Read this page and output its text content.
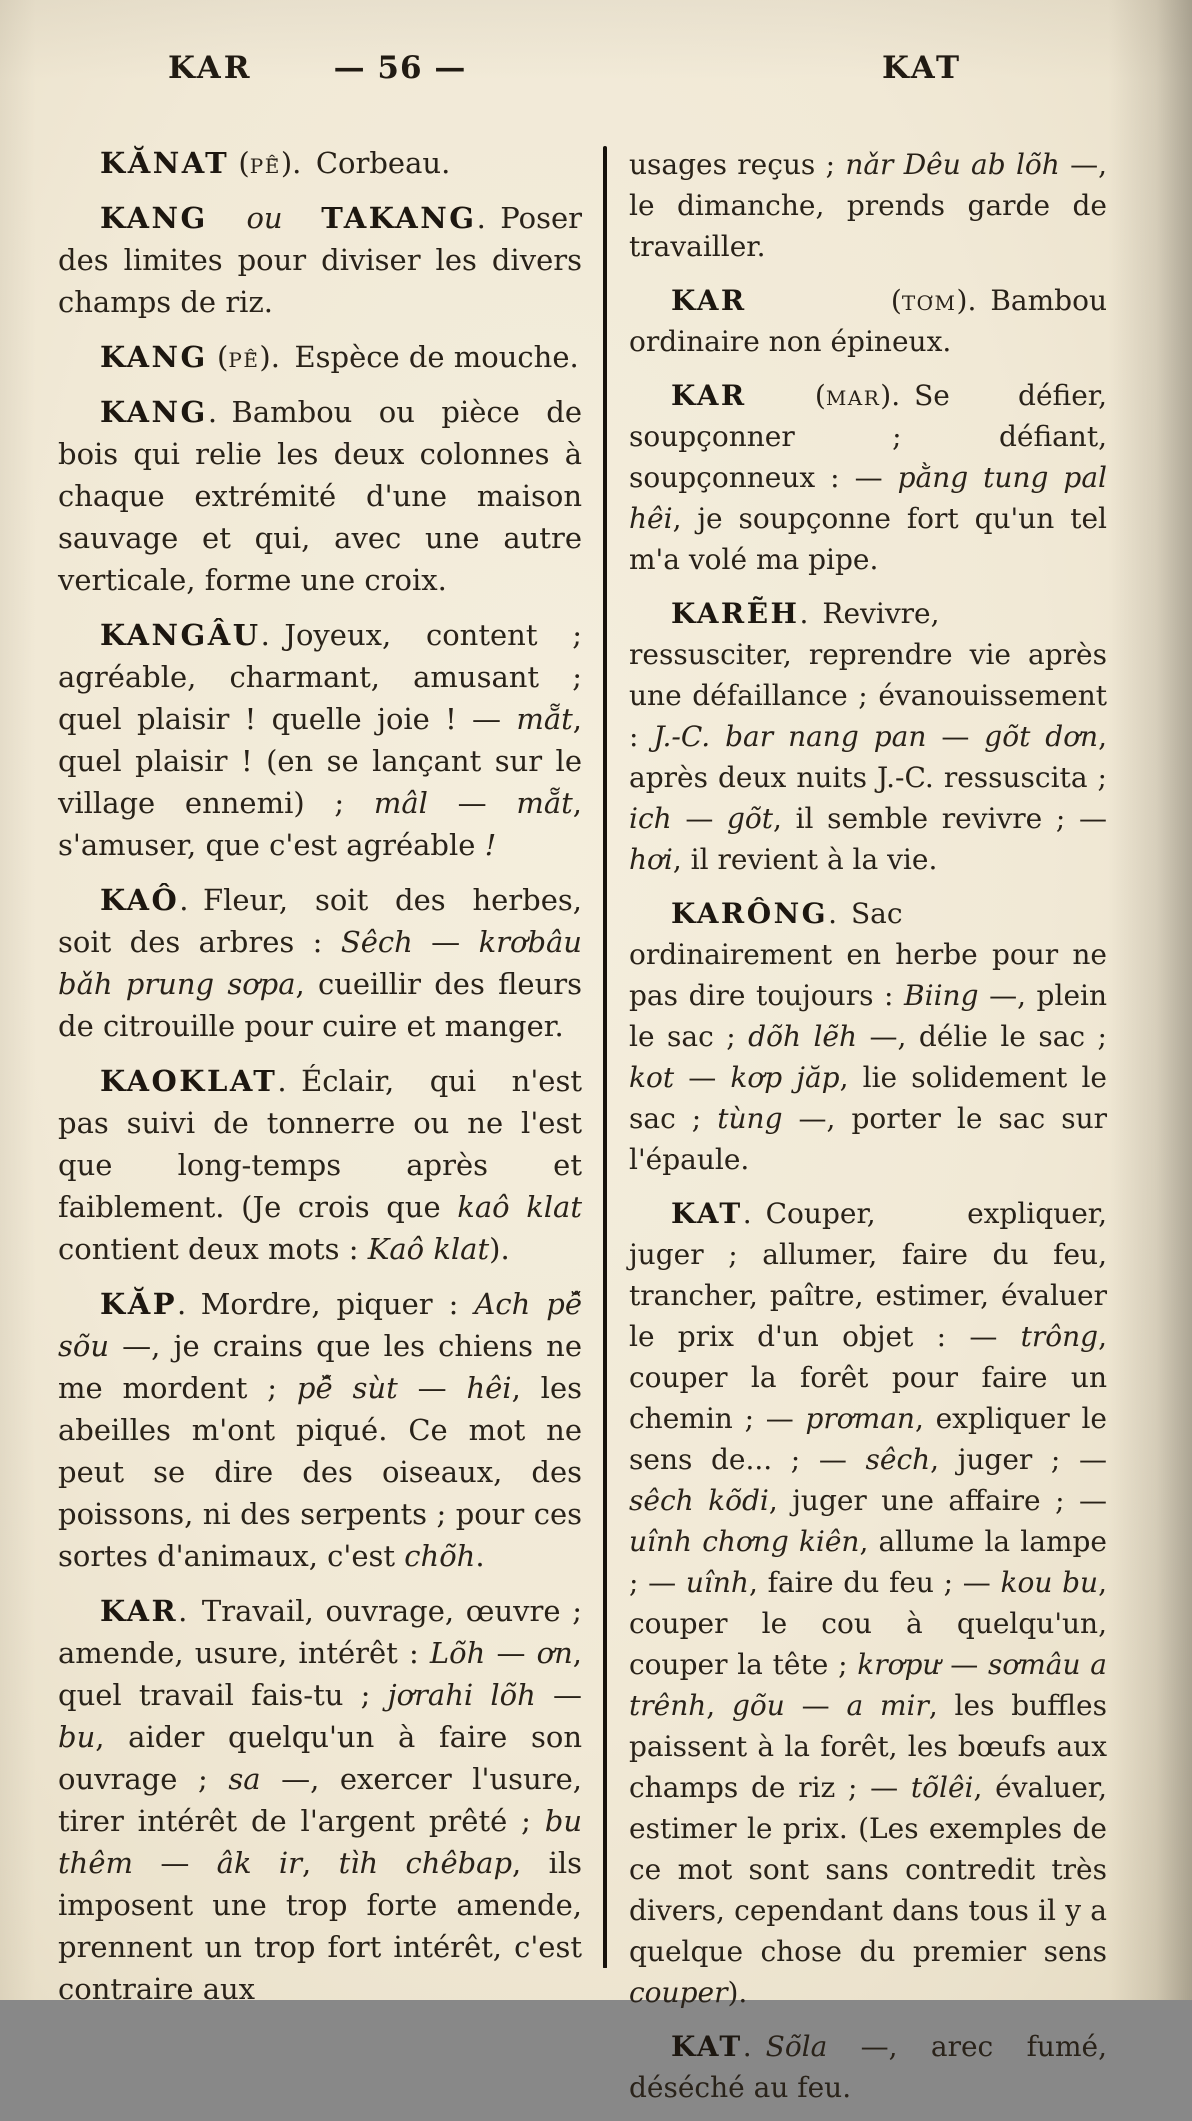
KAR	— 56 —	KAT

KĂNAT (pê̆). Corbeau.

KANG ou TAKANG. Poser des limites pour diviser les divers champs de riz.

KANG (pê̆). Espèce de mouche.

KANG. Bambou ou pièce de bois qui relie les deux colonnes à chaque extrémité d'une maison sauvage et qui, avec une autre verticale, forme une croix.

KANGÂU. Joyeux, content ; agréable, charmant, amusant ; quel plaisir ! quelle joie ! — mẵt, quel plaisir ! (en se lançant sur le village ennemi) ; mâl — mẵt, s'amuser, que c'est agréable !

KAÔ. Fleur, soit des herbes, soit des arbres : Sêch — krơbâu bǎh prung sơpa, cueillir des fleurs de citrouille pour cuire et manger.

KAOKLAT. Éclair, qui n'est pas suivi de tonnerre ou ne l'est que long-temps après et faiblement. (Je crois que kaô klat contient deux mots : Kaô klat).

KĂP. Mordre, piquer : Ach pê̆ sõu —, je crains que les chiens ne me mordent ; pê̆ sùt — hêi, les abeilles m'ont piqué. Ce mot ne peut se dire des oiseaux, des poissons, ni des serpents ; pour ces sortes d'animaux, c'est chõh.

KAR. Travail, ouvrage, œuvre ; amende, usure, intérêt : Lõh — ơn, quel travail fais-tu ; jơrahi lõh — bu, aider quelqu'un à faire son ouvrage ; sa —, exercer l'usure, tirer intérêt de l'argent prêté ; bu thêm — âk ir, tìh chêbap, ils imposent une trop forte amende, prennent un trop fort intérêt, c'est contraire aux

usages reçus ; nǎr Dêu ab lõh —, le dimanche, prends garde de travailler.

KAR (tơm). Bambou ordinaire non épineux.

KAR (mar). Se défier, soupçonner ; défiant, soupçonneux : — pằng tung pal hêi, je soupçonne fort qu'un tel m'a volé ma pipe.

KARẼH. Revivre, ressusciter, reprendre vie après une défaillance ; évanouissement : J.-C. bar nang pan — gõt dơn, après deux nuits J.-C. ressuscita ; ich — gõt, il semble revivre ; — hơi, il revient à la vie.

KARÔNG. Sac ordinairement en herbe pour ne pas dire toujours : Biing —, plein le sac ; dõh lẽh —, délie le sac ; kot — kơp jăp, lie solidement le sac ; tùng —, porter le sac sur l'épaule.

KAT. Couper, expliquer, juger ; allumer, faire du feu, trancher, paître, estimer, évaluer le prix d'un objet : — trông, couper la forêt pour faire un chemin ; — prơman, expliquer le sens de... ; — sêch, juger ; — sêch kõdi, juger une affaire ; — uînh chơng kiên, allume la lampe ; — uînh, faire du feu ; — kou bu, couper le cou à quelqu'un, couper la tête ; krơpư — sơmâu a trênh, gõu — a mir, les buffles paissent à la forêt, les bœufs aux champs de riz ; — tõlêi, évaluer, estimer le prix. (Les exemples de ce mot sont sans contredit très divers, cependant dans tous il y a quelque chose du premier sens couper).

KAT. Sõla —, arec fumé, déséché au feu.
